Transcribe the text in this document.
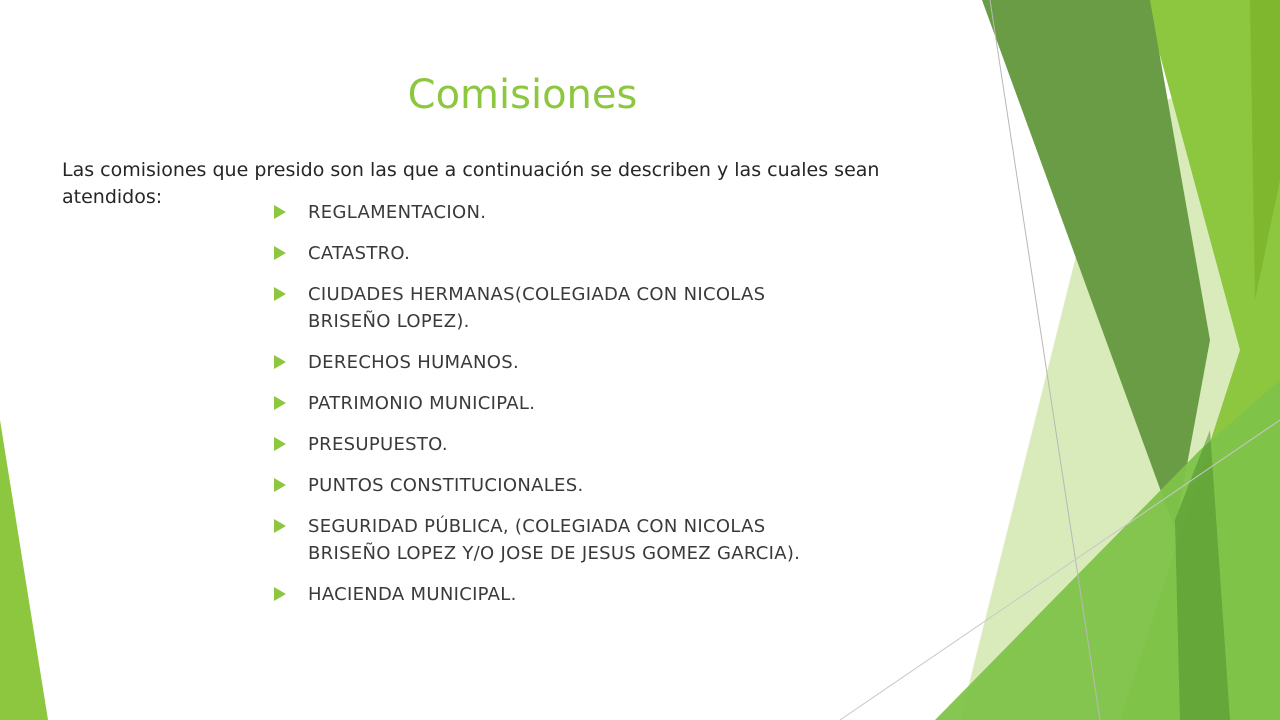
Comisiones

Las comisiones que presido son las que a continuación se describen y las cuales sean atendidos:

REGLAMENTACION.
CATASTRO.
CIUDADES HERMANAS(COLEGIADA CON NICOLAS BRISEÑO LOPEZ).
DERECHOS HUMANOS.
PATRIMONIO MUNICIPAL.
PRESUPUESTO.
PUNTOS CONSTITUCIONALES.
SEGURIDAD PÚBLICA, (COLEGIADA CON NICOLAS BRISEÑO LOPEZ Y/O JOSE DE JESUS GOMEZ GARCIA).
HACIENDA MUNICIPAL.
